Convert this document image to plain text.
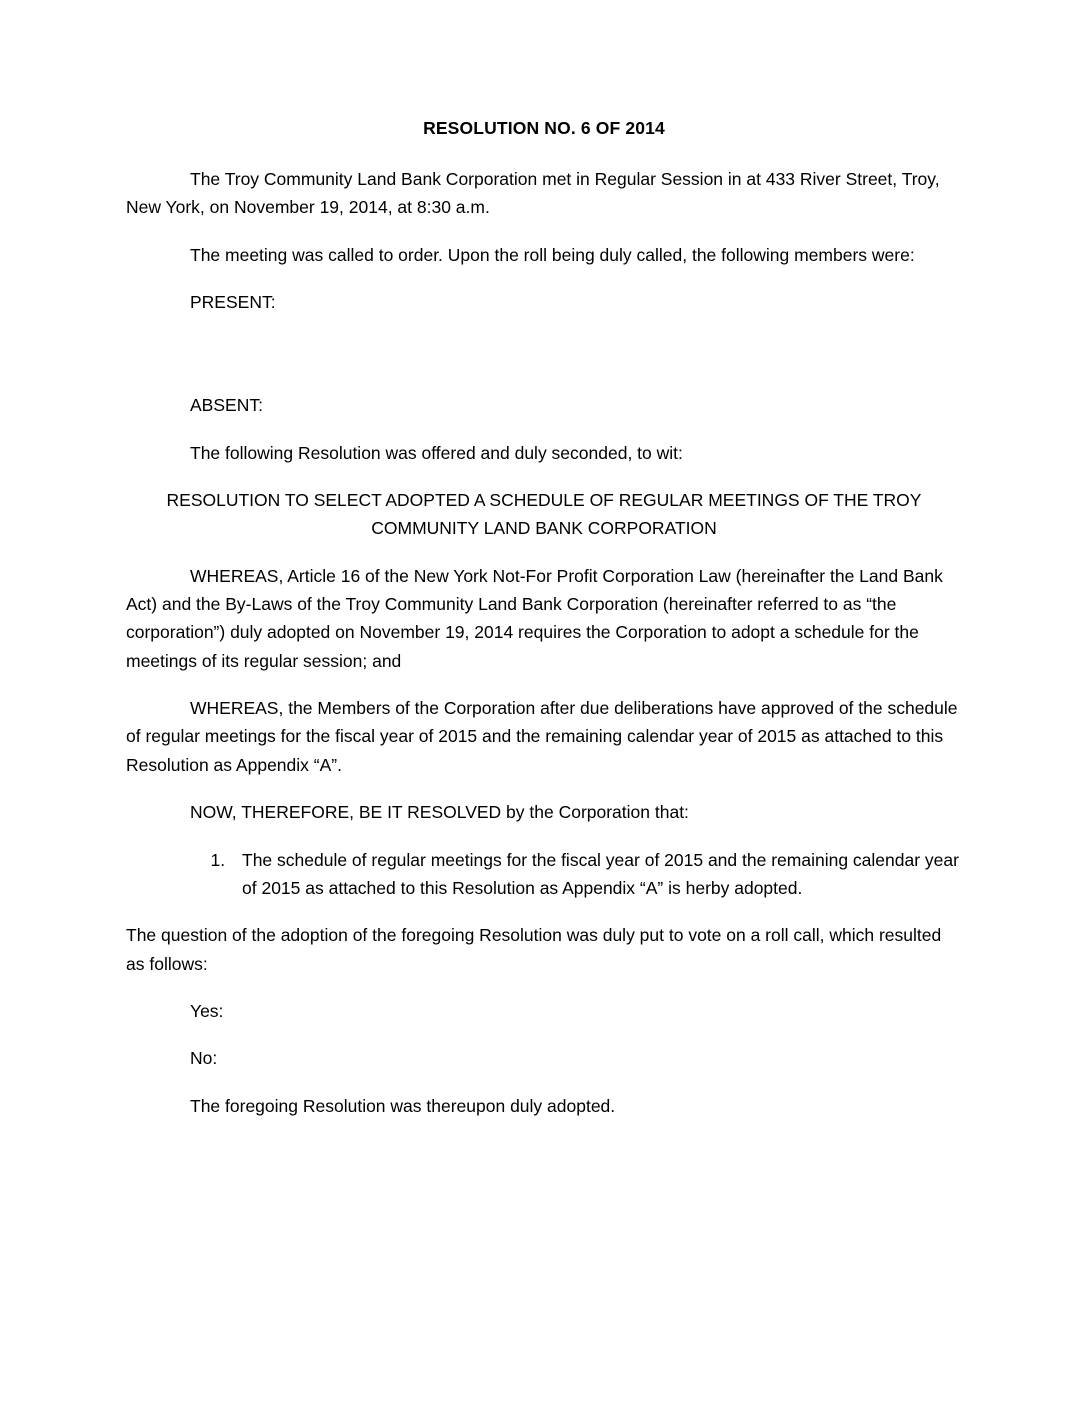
RESOLUTION NO. 6 OF 2014

The Troy Community Land Bank Corporation met in Regular Session in at 433 River Street, Troy, New York, on November 19, 2014, at 8:30 a.m.

The meeting was called to order. Upon the roll being duly called, the following members were:

PRESENT:

ABSENT:

The following Resolution was offered and duly seconded, to wit:

RESOLUTION TO SELECT ADOPTED A SCHEDULE OF REGULAR MEETINGS OF THE TROY COMMUNITY LAND BANK CORPORATION

WHEREAS, Article 16 of the New York Not-For Profit Corporation Law (hereinafter the Land Bank Act) and the By-Laws of the Troy Community Land Bank Corporation (hereinafter referred to as “the corporation”) duly adopted on November 19, 2014 requires the Corporation to adopt a schedule for the meetings of its regular session; and

WHEREAS, the Members of the Corporation after due deliberations have approved of the schedule of regular meetings for the fiscal year of 2015 and the remaining calendar year of 2015 as attached to this Resolution as Appendix “A”.

NOW, THEREFORE, BE IT RESOLVED by the Corporation that:

1. The schedule of regular meetings for the fiscal year of 2015 and the remaining calendar year of 2015 as attached to this Resolution as Appendix “A” is herby adopted.

The question of the adoption of the foregoing Resolution was duly put to vote on a roll call, which resulted as follows:

Yes:
No:
The foregoing Resolution was thereupon duly adopted.
